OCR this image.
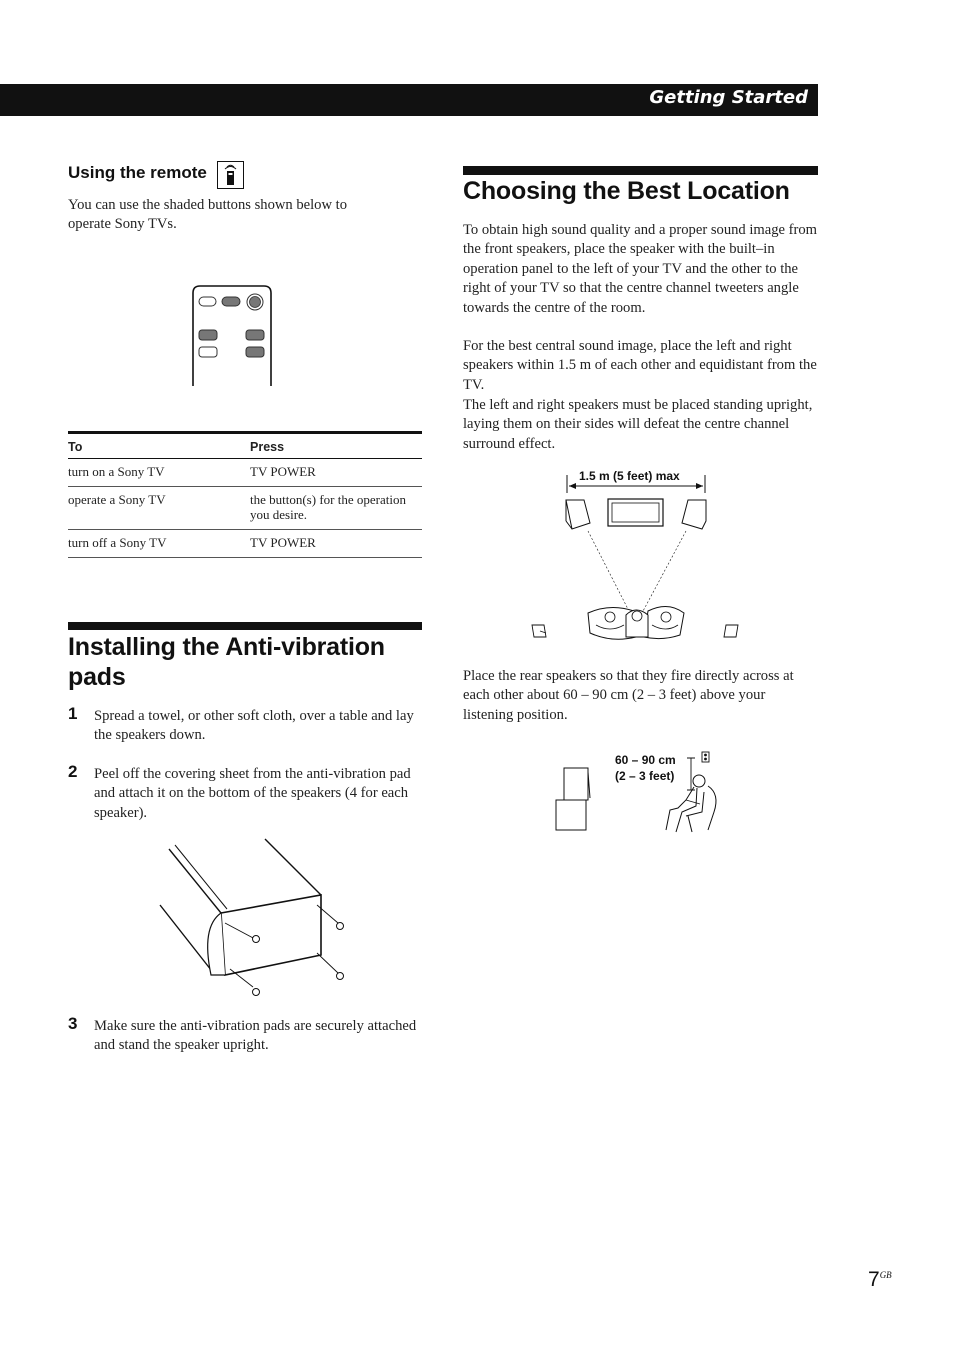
Getting Started
Using the remote
You can use the shaded buttons shown below to operate Sony TVs.
To	Press
turn on a Sony TV	TV POWER
operate a Sony TV	the button(s) for the operation you desire.
turn off a Sony TV	TV POWER
Installing the Anti-vibration pads
1 Spread a towel, or other soft cloth, over a table and lay the speakers down.
2 Peel off the covering sheet from the anti-vibration pad and attach it on the bottom of the speakers (4 for each speaker).
3 Make sure the anti-vibration pads are securely attached and stand the speaker upright.
Choosing the Best Location
To obtain high sound quality and a proper sound image from the front speakers, place the speaker with the built–in operation panel to the left of your TV and the other to the right of your TV so that the centre channel tweeters angle towards the centre of the room.
For the best central sound image, place the left and right speakers within 1.5 m of each other and equidistant from the TV.
The left and right speakers must be placed standing upright, laying them on their sides will defeat the centre channel surround effect.
1.5 m (5 feet) max
Place the rear speakers so that they fire directly across at each other about 60 – 90 cm (2 – 3 feet) above your listening position.
60 – 90 cm
(2 – 3 feet)
$7^{GB}$
